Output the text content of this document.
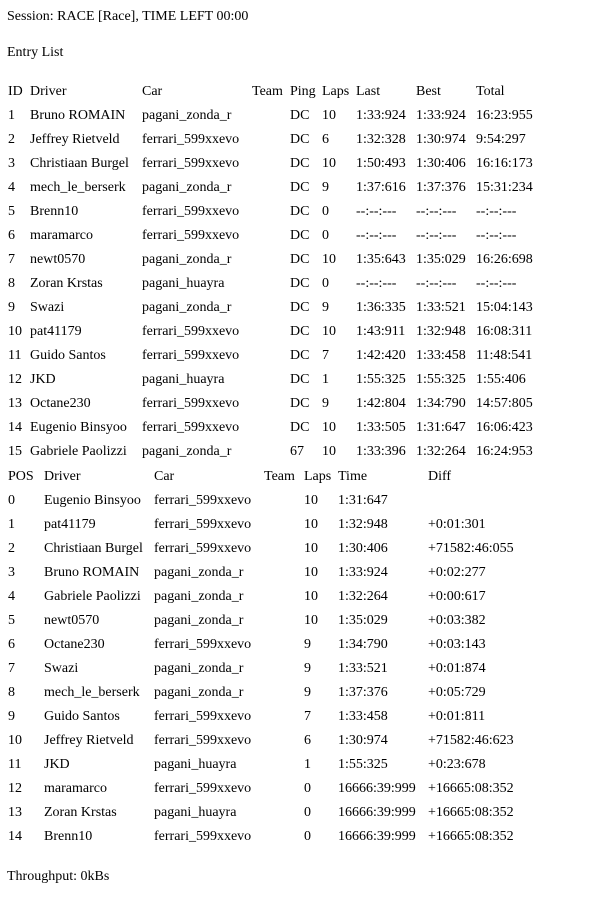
Session: RACE [Race], TIME LEFT 00:00
Entry List
ID	Driver	Car	Team	Ping	Laps	Last	Best	Total
1	Bruno ROMAIN	pagani_zonda_r		DC	10	1:33:924	1:33:924	16:23:955
2	Jeffrey Rietveld	ferrari_599xxevo		DC	6	1:32:328	1:30:974	9:54:297
3	Christiaan Burgel	ferrari_599xxevo		DC	10	1:50:493	1:30:406	16:16:173
4	mech_le_berserk	pagani_zonda_r		DC	9	1:37:616	1:37:376	15:31:234
5	Brenn10	ferrari_599xxevo		DC	0	--:--:---	--:--:---	--:--:---
6	maramarco	ferrari_599xxevo		DC	0	--:--:---	--:--:---	--:--:---
7	newt0570	pagani_zonda_r		DC	10	1:35:643	1:35:029	16:26:698
8	Zoran Krstas	pagani_huayra		DC	0	--:--:---	--:--:---	--:--:---
9	Swazi	pagani_zonda_r		DC	9	1:36:335	1:33:521	15:04:143
10	pat41179	ferrari_599xxevo		DC	10	1:43:911	1:32:948	16:08:311
11	Guido Santos	ferrari_599xxevo		DC	7	1:42:420	1:33:458	11:48:541
12	JKD	pagani_huayra		DC	1	1:55:325	1:55:325	1:55:406
13	Octane230	ferrari_599xxevo		DC	9	1:42:804	1:34:790	14:57:805
14	Eugenio Binsyoo	ferrari_599xxevo		DC	10	1:33:505	1:31:647	16:06:423
15	Gabriele Paolizzi	pagani_zonda_r		67	10	1:33:396	1:32:264	16:24:953
POS	Driver	Car	Team	Laps	Time	Diff
0	Eugenio Binsyoo	ferrari_599xxevo		10	1:31:647	
1	pat41179	ferrari_599xxevo		10	1:32:948	+0:01:301
2	Christiaan Burgel	ferrari_599xxevo		10	1:30:406	+71582:46:055
3	Bruno ROMAIN	pagani_zonda_r		10	1:33:924	+0:02:277
4	Gabriele Paolizzi	pagani_zonda_r		10	1:32:264	+0:00:617
5	newt0570	pagani_zonda_r		10	1:35:029	+0:03:382
6	Octane230	ferrari_599xxevo		9	1:34:790	+0:03:143
7	Swazi	pagani_zonda_r		9	1:33:521	+0:01:874
8	mech_le_berserk	pagani_zonda_r		9	1:37:376	+0:05:729
9	Guido Santos	ferrari_599xxevo		7	1:33:458	+0:01:811
10	Jeffrey Rietveld	ferrari_599xxevo		6	1:30:974	+71582:46:623
11	JKD	pagani_huayra		1	1:55:325	+0:23:678
12	maramarco	ferrari_599xxevo		0	16666:39:999	+16665:08:352
13	Zoran Krstas	pagani_huayra		0	16666:39:999	+16665:08:352
14	Brenn10	ferrari_599xxevo		0	16666:39:999	+16665:08:352
Throughput: 0kBs
